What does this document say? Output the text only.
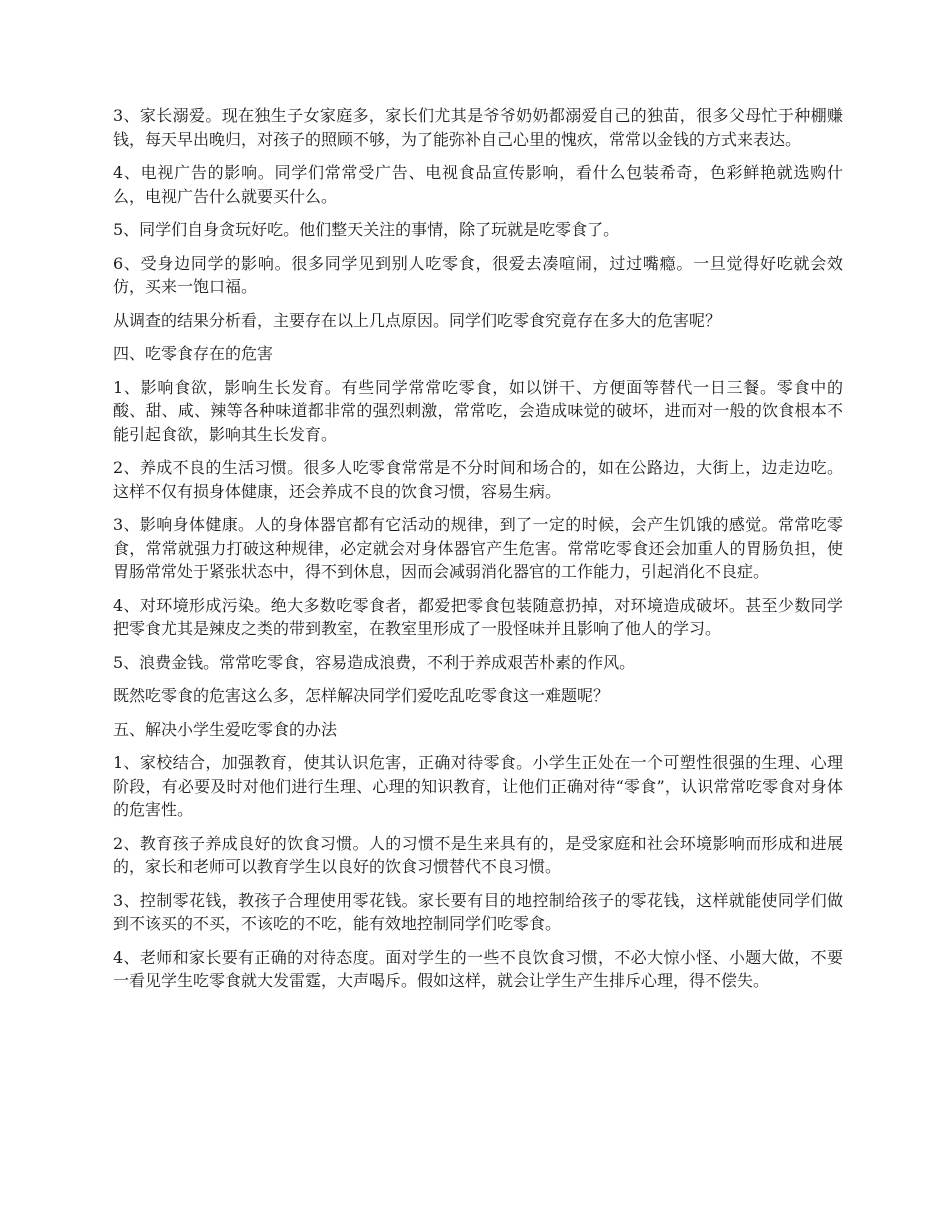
3、家长溺爱。现在独生子女家庭多，家长们尤其是爷爷奶奶都溺爱自己的独苗，很多父母忙于种棚赚钱，每天早出晚归，对孩子的照顾不够，为了能弥补自己心里的愧疚，常常以金钱的方式来表达。

4、电视广告的影响。同学们常常受广告、电视食品宣传影响，看什么包装希奇，色彩鲜艳就选购什么，电视广告什么就要买什么。

5、同学们自身贪玩好吃。他们整天关注的事情，除了玩就是吃零食了。

6、受身边同学的影响。很多同学见到别人吃零食，很爱去凑喧闹，过过嘴瘾。一旦觉得好吃就会效仿，买来一饱口福。

从调查的结果分析看，主要存在以上几点原因。同学们吃零食究竟存在多大的危害呢？

四、吃零食存在的危害

1、影响食欲，影响生长发育。有些同学常常吃零食，如以饼干、方便面等替代一日三餐。零食中的酸、甜、咸、辣等各种味道都非常的强烈刺激，常常吃，会造成味觉的破坏，进而对一般的饮食根本不能引起食欲，影响其生长发育。

2、养成不良的生活习惯。很多人吃零食常常是不分时间和场合的，如在公路边，大街上，边走边吃。这样不仅有损身体健康，还会养成不良的饮食习惯，容易生病。

3、影响身体健康。人的身体器官都有它活动的规律，到了一定的时候，会产生饥饿的感觉。常常吃零食，常常就强力打破这种规律，必定就会对身体器官产生危害。常常吃零食还会加重人的胃肠负担，使胃肠常常处于紧张状态中，得不到休息，因而会减弱消化器官的工作能力，引起消化不良症。

4、对环境形成污染。绝大多数吃零食者，都爱把零食包装随意扔掉，对环境造成破坏。甚至少数同学把零食尤其是辣皮之类的带到教室，在教室里形成了一股怪味并且影响了他人的学习。

5、浪费金钱。常常吃零食，容易造成浪费，不利于养成艰苦朴素的作风。

既然吃零食的危害这么多，怎样解决同学们爱吃乱吃零食这一难题呢？

五、解决小学生爱吃零食的办法

1、家校结合，加强教育，使其认识危害，正确对待零食。小学生正处在一个可塑性很强的生理、心理阶段，有必要及时对他们进行生理、心理的知识教育，让他们正确对待“零食”，认识常常吃零食对身体的危害性。

2、教育孩子养成良好的饮食习惯。人的习惯不是生来具有的，是受家庭和社会环境影响而形成和进展的，家长和老师可以教育学生以良好的饮食习惯替代不良习惯。

3、控制零花钱，教孩子合理使用零花钱。家长要有目的地控制给孩子的零花钱，这样就能使同学们做到不该买的不买，不该吃的不吃，能有效地控制同学们吃零食。

4、老师和家长要有正确的对待态度。面对学生的一些不良饮食习惯，不必大惊小怪、小题大做，不要一看见学生吃零食就大发雷霆，大声喝斥。假如这样，就会让学生产生排斥心理，得不偿失。
